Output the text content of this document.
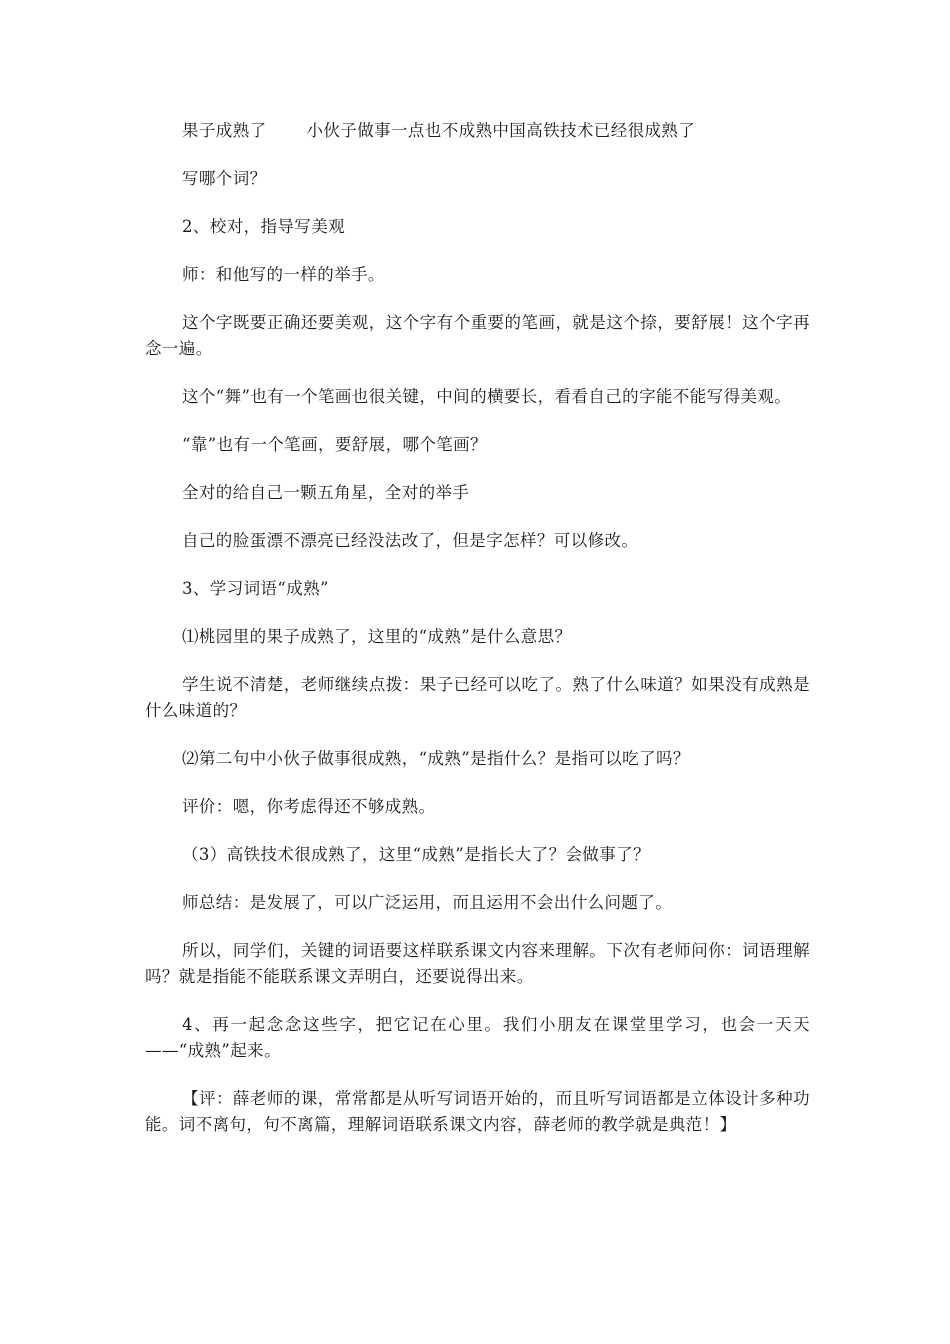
果子成熟了 小伙子做事一点也不成熟中国高铁技术已经很成熟了

写哪个词？

2、校对，指导写美观

师：和他写的一样的举手。

这个字既要正确还要美观，这个字有个重要的笔画，就是这个捺，要舒展！这个字再念一遍。

这个“舞”也有一个笔画也很关键，中间的横要长，看看自己的字能不能写得美观。

“靠”也有一个笔画，要舒展，哪个笔画？

全对的给自己一颗五角星，全对的举手

自己的脸蛋漂不漂亮已经没法改了，但是字怎样？可以修改。

3、学习词语“成熟”

⑴桃园里的果子成熟了，这里的“成熟”是什么意思？

学生说不清楚，老师继续点拨：果子已经可以吃了。熟了什么味道？如果没有成熟是什么味道的？

⑵第二句中小伙子做事很成熟，“成熟”是指什么？是指可以吃了吗？

评价：嗯，你考虑得还不够成熟。

（3）高铁技术很成熟了，这里“成熟”是指长大了？会做事了？

师总结：是发展了，可以广泛运用，而且运用不会出什么问题了。

所以，同学们，关键的词语要这样联系课文内容来理解。下次有老师问你：词语理解吗？就是指能不能联系课文弄明白，还要说得出来。

4、再一起念念这些字，把它记在心里。我们小朋友在课堂里学习，也会一天天——“成熟”起来。

【评：薛老师的课，常常都是从听写词语开始的，而且听写词语都是立体设计多种功能。词不离句，句不离篇，理解词语联系课文内容，薛老师的教学就是典范！】
